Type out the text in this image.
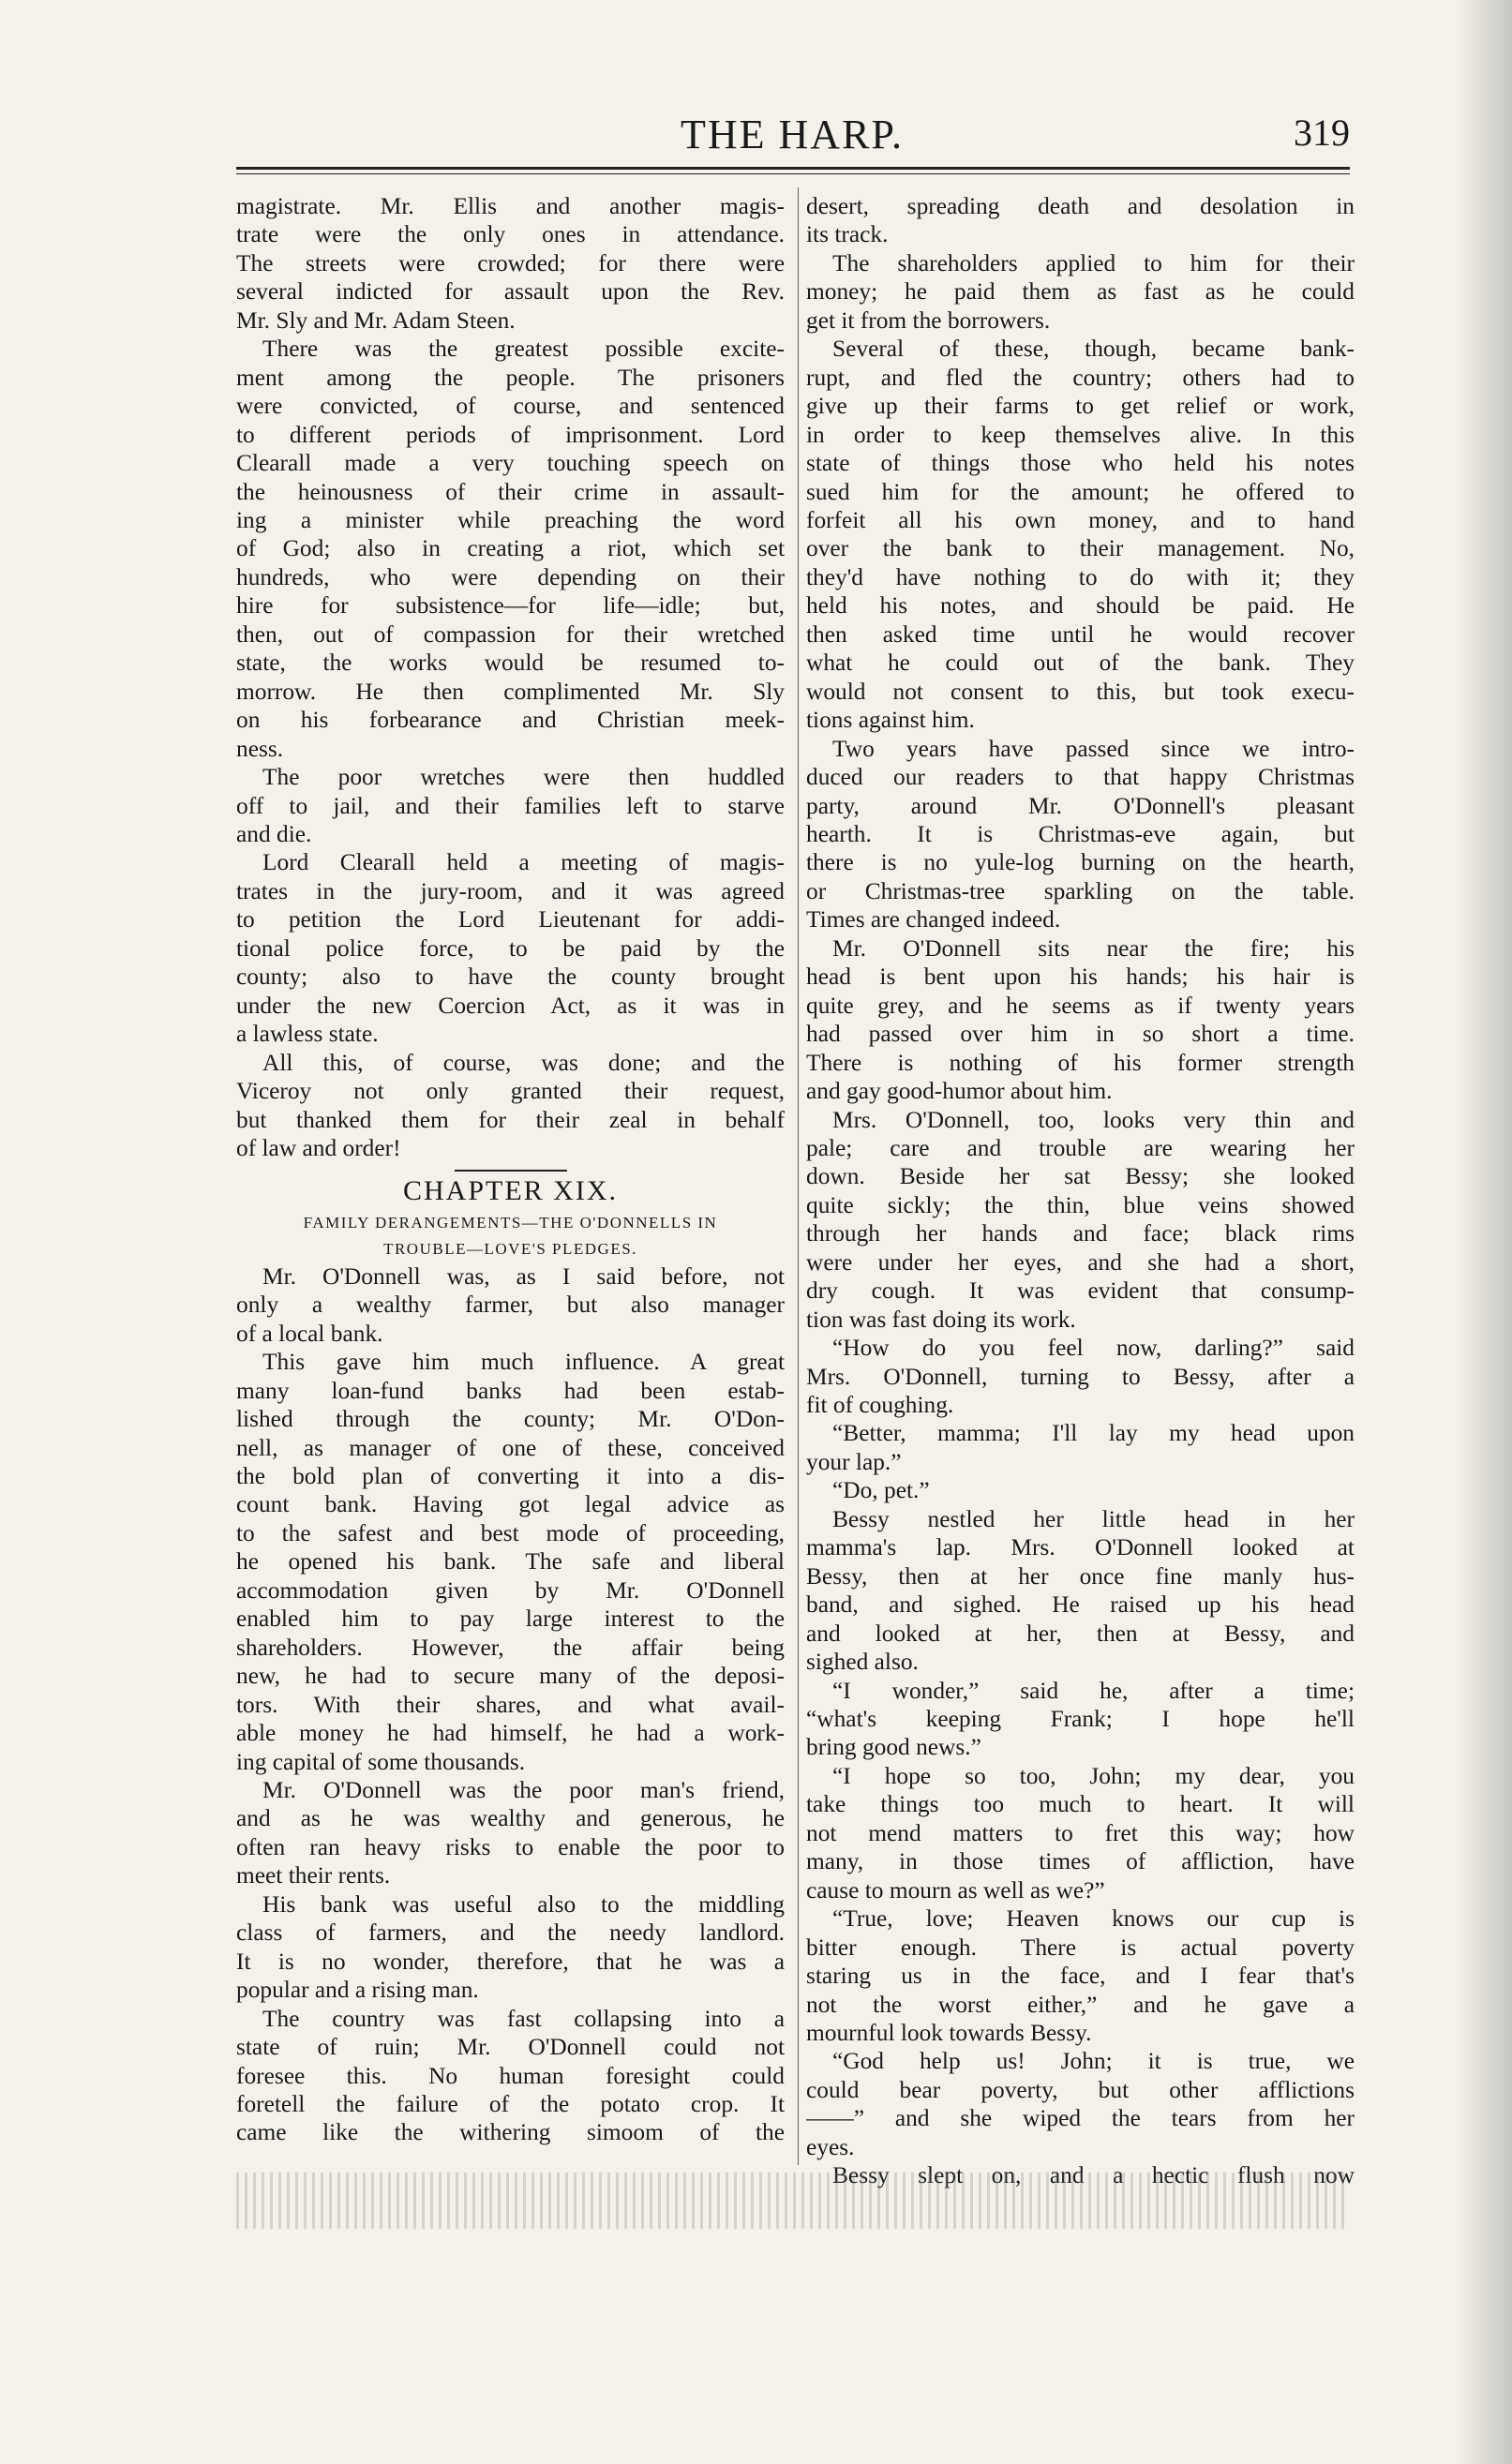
THE HARP.	319
magistrate. Mr. Ellis and another magis-
trate were the only ones in attendance.
The streets were crowded; for there were
several indicted for assault upon the Rev.
Mr. Sly and Mr. Adam Steen.
There was the greatest possible excite-
ment among the people. The prisoners
were convicted, of course, and sentenced
to different periods of imprisonment. Lord
Clearall made a very touching speech on
the heinousness of their crime in assault-
ing a minister while preaching the word
of God; also in creating a riot, which set
hundreds, who were depending on their
hire for subsistence—for life—idle; but,
then, out of compassion for their wretched
state, the works would be resumed to-
morrow. He then complimented Mr. Sly
on his forbearance and Christian meek-
ness.
The poor wretches were then huddled
off to jail, and their families left to starve
and die.
Lord Clearall held a meeting of magis-
trates in the jury-room, and it was agreed
to petition the Lord Lieutenant for addi-
tional police force, to be paid by the
county; also to have the county brought
under the new Coercion Act, as it was in
a lawless state.
All this, of course, was done; and the
Viceroy not only granted their request,
but thanked them for their zeal in behalf
of law and order!
CHAPTER XIX.
FAMILY DERANGEMENTS—THE O'DONNELLS IN
TROUBLE—LOVE'S PLEDGES.
Mr. O'Donnell was, as I said before, not
only a wealthy farmer, but also manager
of a local bank.
This gave him much influence. A great
many loan-fund banks had been estab-
lished through the county; Mr. O'Don-
nell, as manager of one of these, conceived
the bold plan of converting it into a dis-
count bank. Having got legal advice as
to the safest and best mode of proceeding,
he opened his bank. The safe and liberal
accommodation given by Mr. O'Donnell
enabled him to pay large interest to the
shareholders. However, the affair being
new, he had to secure many of the deposi-
tors. With their shares, and what avail-
able money he had himself, he had a work-
ing capital of some thousands.
Mr. O'Donnell was the poor man's friend,
and as he was wealthy and generous, he
often ran heavy risks to enable the poor to
meet their rents.
His bank was useful also to the middling
class of farmers, and the needy landlord.
It is no wonder, therefore, that he was a
popular and a rising man.
The country was fast collapsing into a
state of ruin; Mr. O'Donnell could not
foresee this. No human foresight could
foretell the failure of the potato crop. It
came like the withering simoom of the
desert, spreading death and desolation in
its track.
The shareholders applied to him for their
money; he paid them as fast as he could
get it from the borrowers.
Several of these, though, became bank-
rupt, and fled the country; others had to
give up their farms to get relief or work,
in order to keep themselves alive. In this
state of things those who held his notes
sued him for the amount; he offered to
forfeit all his own money, and to hand
over the bank to their management. No,
they'd have nothing to do with it; they
held his notes, and should be paid. He
then asked time until he would recover
what he could out of the bank. They
would not consent to this, but took execu-
tions against him.
Two years have passed since we intro-
duced our readers to that happy Christmas
party, around Mr. O'Donnell's pleasant
hearth. It is Christmas-eve again, but
there is no yule-log burning on the hearth,
or Christmas-tree sparkling on the table.
Times are changed indeed.
Mr. O'Donnell sits near the fire; his
head is bent upon his hands; his hair is
quite grey, and he seems as if twenty years
had passed over him in so short a time.
There is nothing of his former strength
and gay good-humor about him.
Mrs. O'Donnell, too, looks very thin and
pale; care and trouble are wearing her
down. Beside her sat Bessy; she looked
quite sickly; the thin, blue veins showed
through her hands and face; black rims
were under her eyes, and she had a short,
dry cough. It was evident that consump-
tion was fast doing its work.
“How do you feel now, darling?” said
Mrs. O'Donnell, turning to Bessy, after a
fit of coughing.
“Better, mamma; I'll lay my head upon
your lap.”
“Do, pet.”
Bessy nestled her little head in her
mamma's lap. Mrs. O'Donnell looked at
Bessy, then at her once fine manly hus-
band, and sighed. He raised up his head
and looked at her, then at Bessy, and
sighed also.
“I wonder,” said he, after a time;
“what's keeping Frank; I hope he'll
bring good news.”
“I hope so too, John; my dear, you
take things too much to heart. It will
not mend matters to fret this way; how
many, in those times of affliction, have
cause to mourn as well as we?”
“True, love; Heaven knows our cup is
bitter enough. There is actual poverty
staring us in the face, and I fear that's
not the worst either,” and he gave a
mournful look towards Bessy.
“God help us! John; it is true, we
could bear poverty, but other afflictions
——” and she wiped the tears from her
eyes.
Bessy slept on, and a hectic flush now
